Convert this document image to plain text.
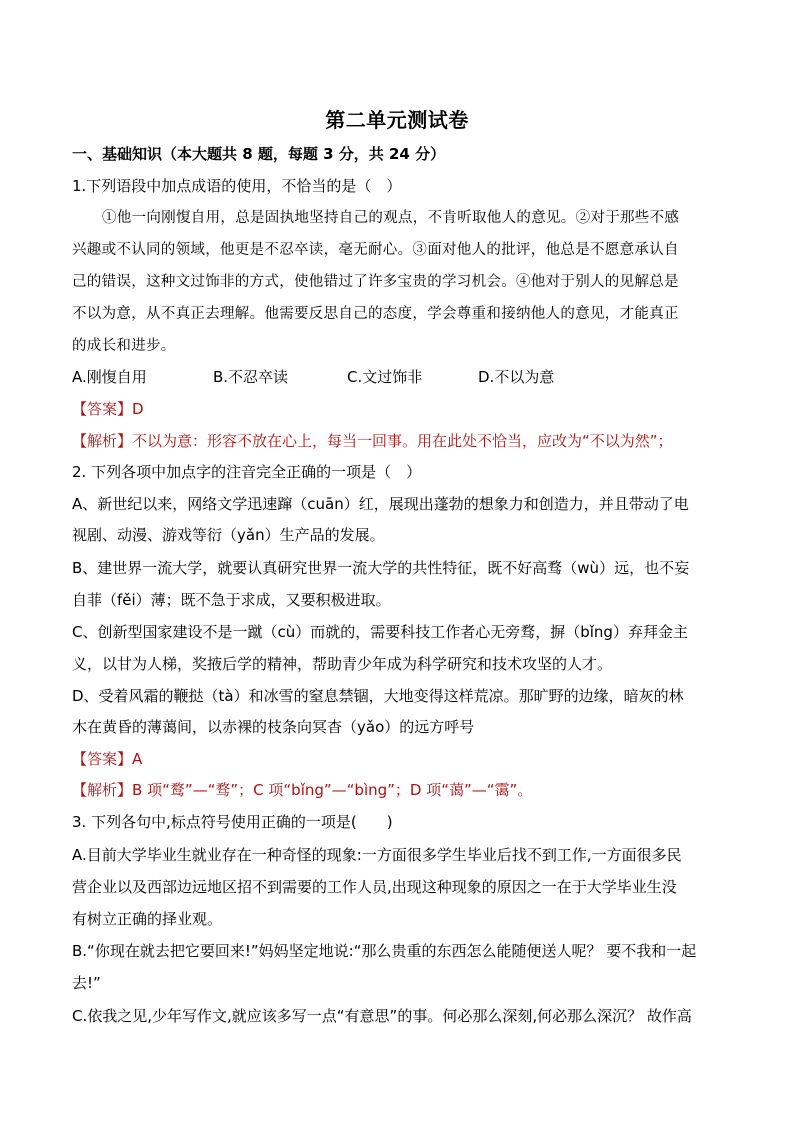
第二单元测试卷
一、基础知识（本大题共 8 题，每题 3 分，共 24 分）
1.下列语段中加点成语的使用，不恰当的是（　）
①他一向刚愎自用，总是固执地坚持自己的观点，不肯听取他人的意见。②对于那些不感
兴趣或不认同的领域，他更是不忍卒读，毫无耐心。③面对他人的批评，他总是不愿意承认自
己的错误，这种文过饰非的方式，使他错过了许多宝贵的学习机会。④他对于别人的见解总是
不以为意，从不真正去理解。他需要反思自己的态度，学会尊重和接纳他人的意见，才能真正
的成长和进步。
A.刚愎自用	B.不忍卒读	C.文过饰非	D.不以为意
【答案】D
【解析】不以为意：形容不放在心上，每当一回事。用在此处不恰当，应改为“不以为然”；
2. 下列各项中加点字的注音完全正确的一项是（　）
A、新世纪以来，网络文学迅速蹿（cuān）红，展现出蓬勃的想象力和创造力，并且带动了电
视剧、动漫、游戏等衍（yǎn）生产品的发展。
B、建世界一流大学，就要认真研究世界一流大学的共性特征，既不好高骛（wù）远，也不妄
自菲（fěi）薄；既不急于求成，又要积极进取。
C、创新型国家建设不是一蹴（cù）而就的，需要科技工作者心无旁骛，摒（bǐng）弃拜金主
义，以甘为人梯，奖掖后学的精神，帮助青少年成为科学研究和技术攻坚的人才。
D、受着风霜的鞭挞（tà）和冰雪的窒息禁锢，大地变得这样荒凉。那旷野的边缘，暗灰的林
木在黄昏的薄蔼间，以赤裸的枝条向冥杳（yǎo）的远方呼号
【答案】A
【解析】B 项“鹜”—“骛”；C 项“bǐng”—“bìng”；D 项“蔼”—“霭”。
3. 下列各句中,标点符号使用正确的一项是(　　)
A.目前大学毕业生就业存在一种奇怪的现象:一方面很多学生毕业后找不到工作,一方面很多民
营企业以及西部边远地区招不到需要的工作人员,出现这种现象的原因之一在于大学毕业生没
有树立正确的择业观。
B.“你现在就去把它要回来!”妈妈坚定地说:“那么贵重的东西怎么能随便送人呢？ 要不我和一起
去!”
C.依我之见,少年写作文,就应该多写一点“有意思”的事。何必那么深刻,何必那么深沉？ 故作高
